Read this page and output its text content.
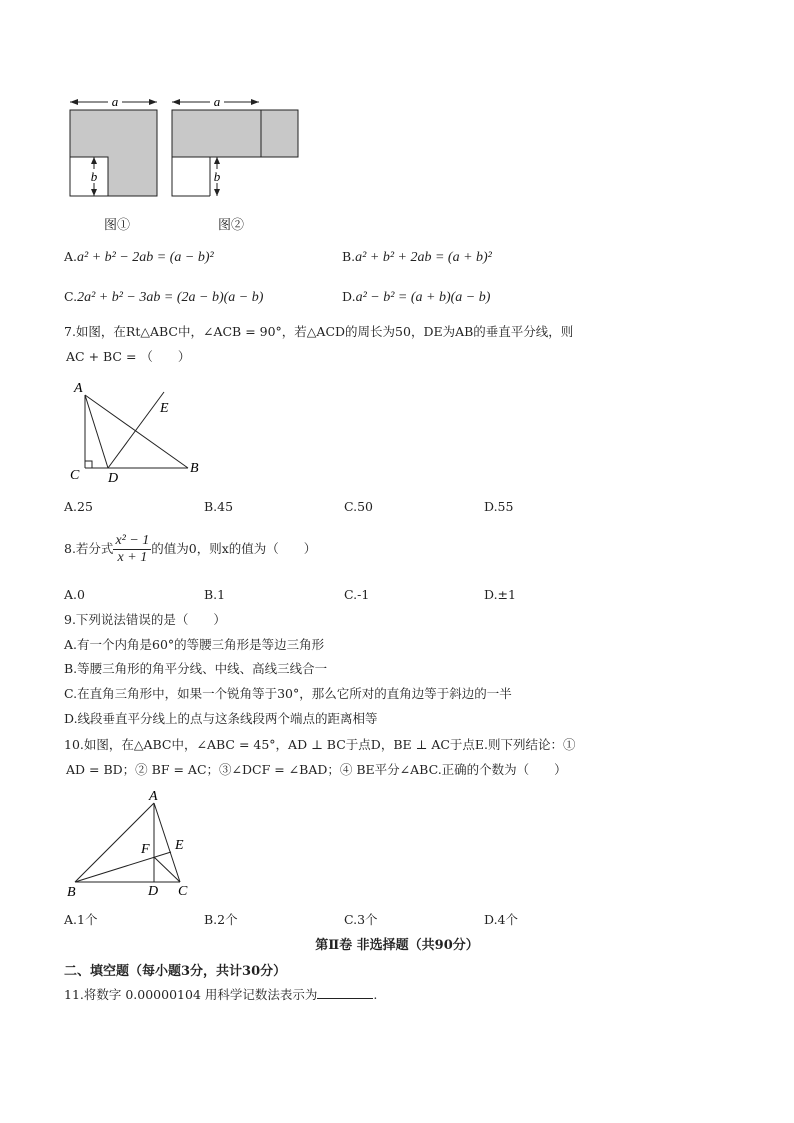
a
b
a
b
图①	图②
A.a² + b² − 2ab = (a − b)²	B.a² + b² + 2ab = (a + b)²
C.2a² + b² − 3ab = (2a − b)(a − b)	D.a² − b² = (a + b)(a − b)
7.如图，在Rt△ABC中，∠ACB = 90°，若△ACD的周长为50，DE为AB的垂直平分线，则
AC + BC = （　　）
A
E
C D
B
A.25	B.45	C.50	D.55
8.若分式 $\frac{\text{x² − 1}}{x + 1}$ 的值为0，则x的值为（　　）
A.0	B.1	C.-1	D.±1
9.下列说法错误的是（　　）
A.有一个内角是60°的等腰三角形是等边三角形
B.等腰三角形的角平分线、中线、高线三线合一
C.在直角三角形中，如果一个锐角等于30°，那么它所对的直角边等于斜边的一半
D.线段垂直平分线上的点与这条线段两个端点的距离相等
10.如图，在△ABC中，∠ABC = 45°，AD ⊥ BC于点D，BE ⊥ AC于点E.则下列结论：①
AD = BD；② BF = AC；③∠DCF = ∠BAD；④ BE平分∠ABC.正确的个数为（　　）
A
F E
B	D C
A.1个	B.2个	C.3个	D.4个
第Ⅱ卷 非选择题（共90分）
二、填空题（每小题3分，共计30分）
11.将数字 0.00000104 用科学记数法表示为	.
